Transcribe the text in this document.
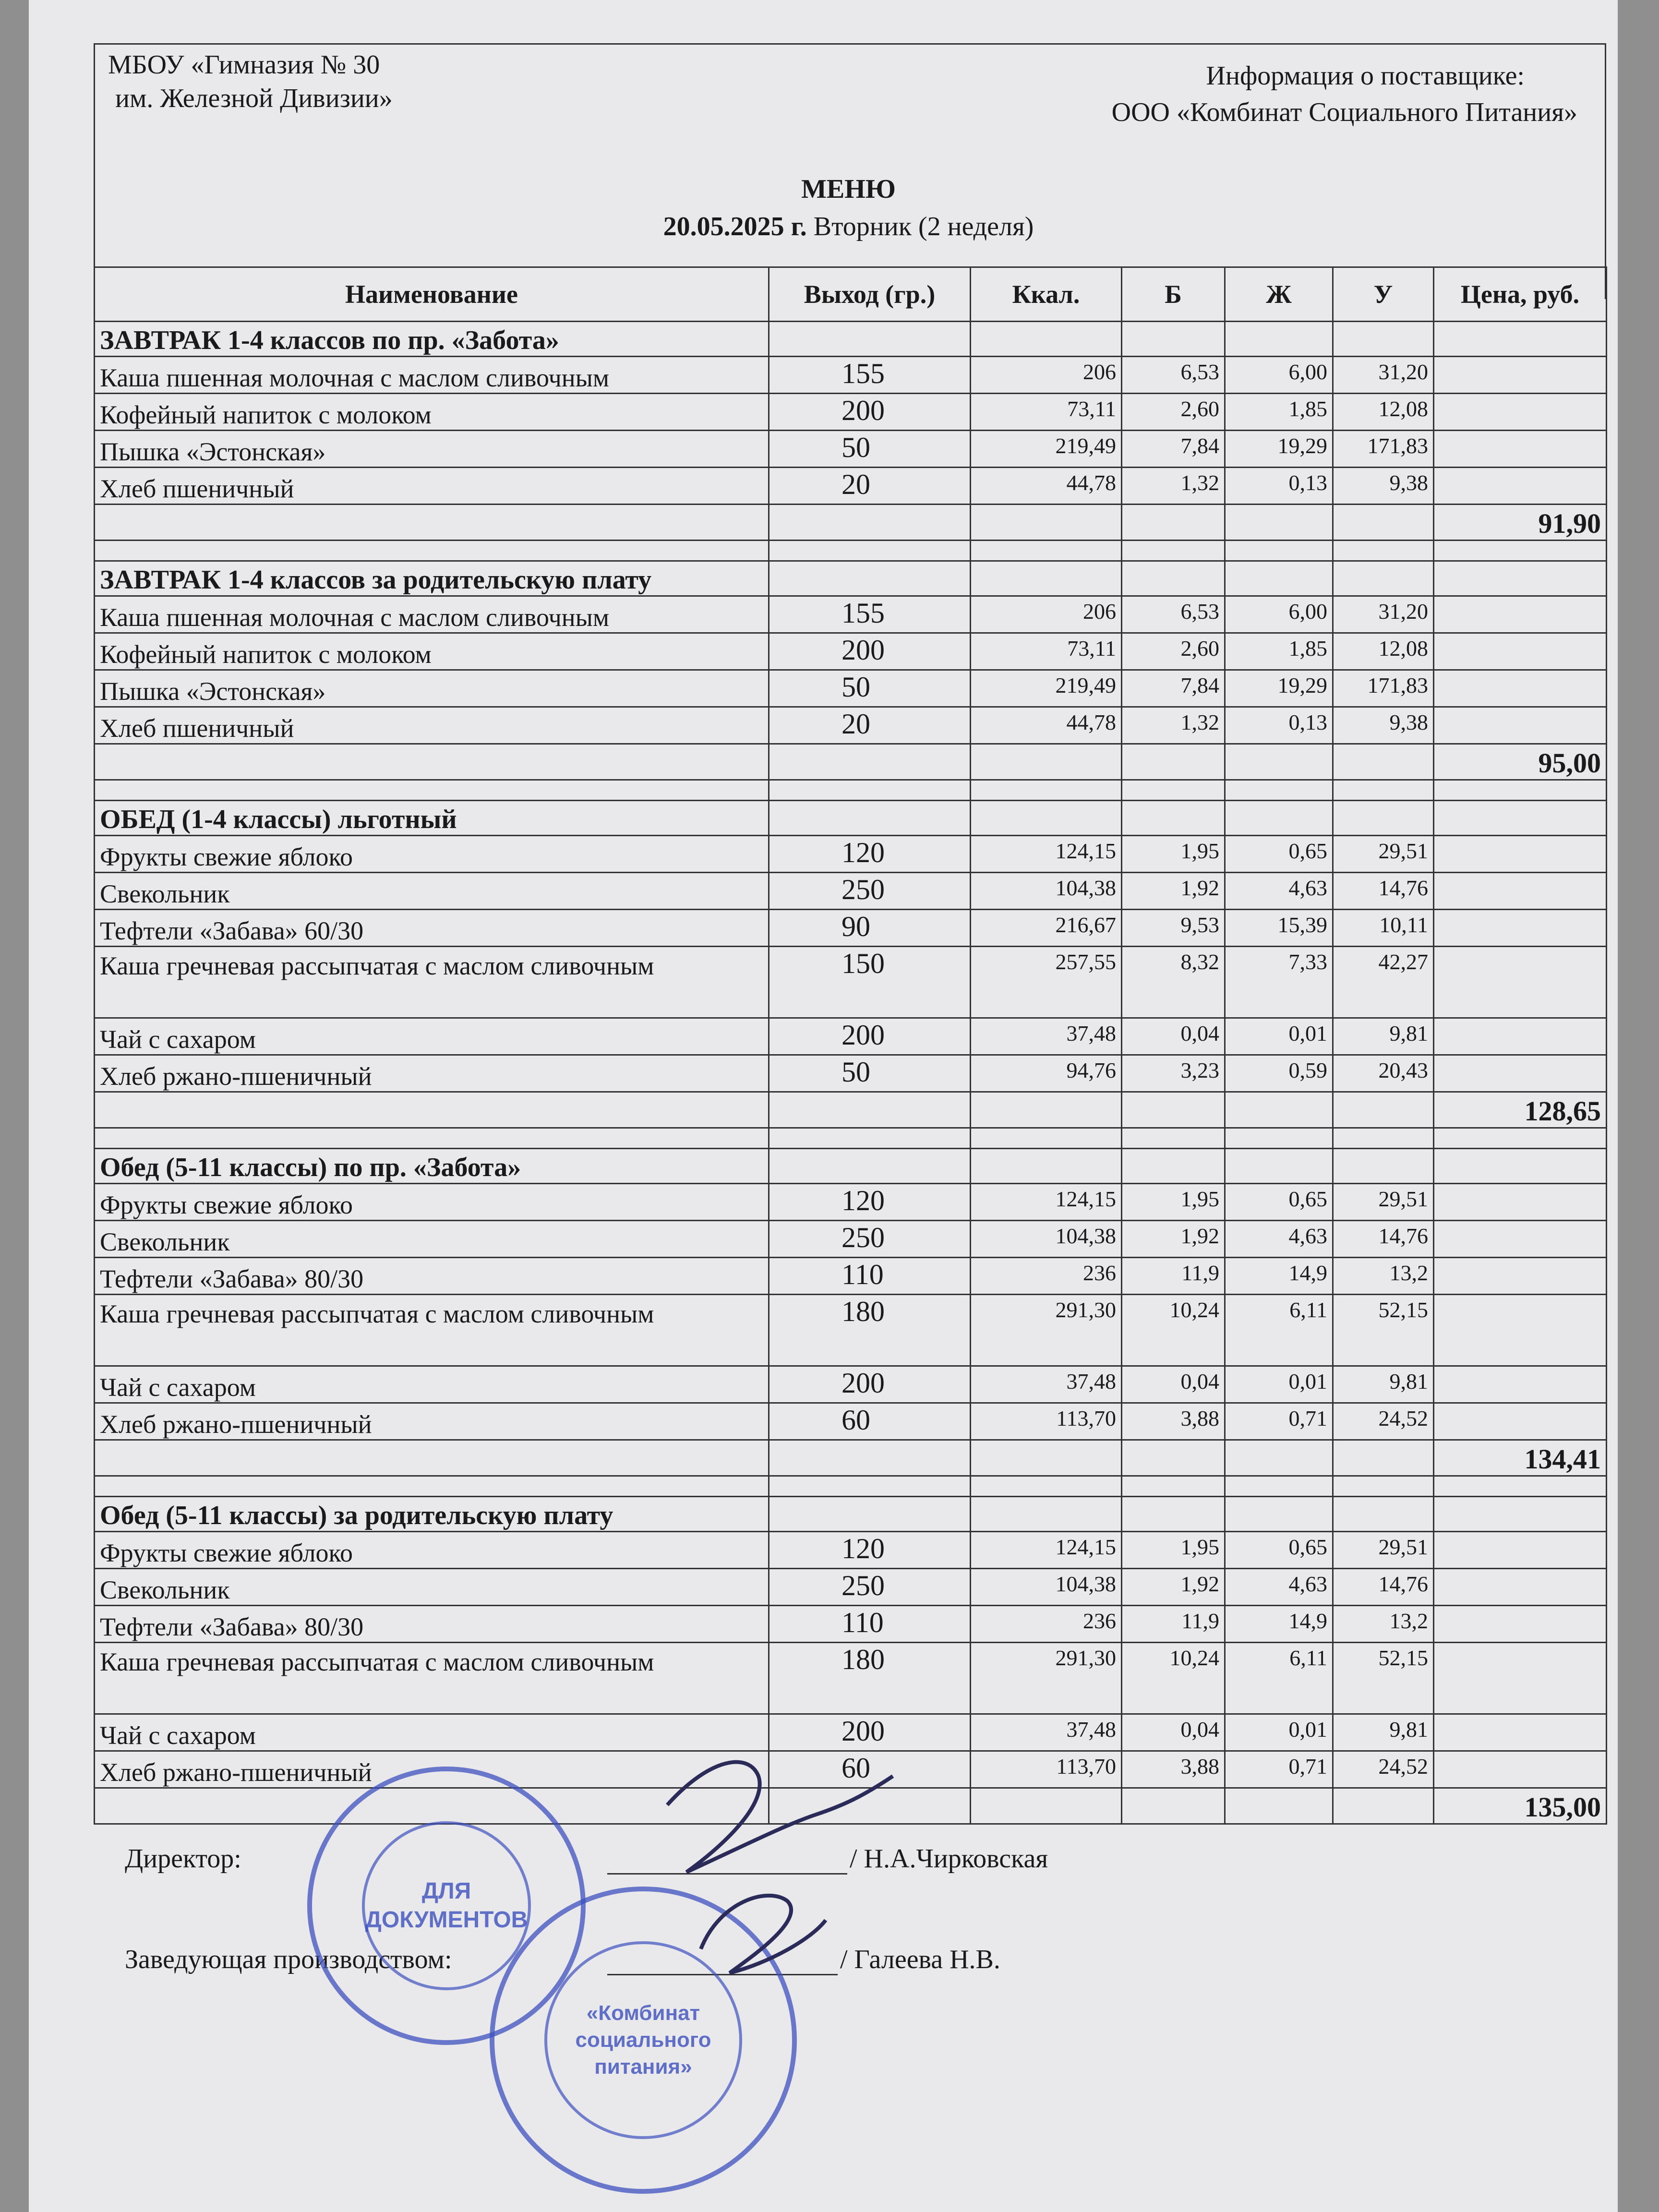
МБОУ «Гимназия № 30
им. Железной Дивизии»
Информация о поставщике:
ООО «Комбинат Социального Питания»
МЕНЮ
20.05.2025 г. Вторник (2 неделя)
Наименование	Выход (гр.)	Ккал.	Б	Ж	У	Цена, руб.
ЗАВТРАК 1-4 классов по пр. «Забота»						
Каша пшенная молочная с маслом сливочным	155	206	6,53	6,00	31,20	
Кофейный напиток с молоком	200	73,11	2,60	1,85	12,08	
Пышка «Эстонская»	50	219,49	7,84	19,29	171,83	
Хлеб пшеничный	20	44,78	1,32	0,13	9,38	
						91,90

ЗАВТРАК 1-4 классов за родительскую плату						
Каша пшенная молочная с маслом сливочным	155	206	6,53	6,00	31,20	
Кофейный напиток с молоком	200	73,11	2,60	1,85	12,08	
Пышка «Эстонская»	50	219,49	7,84	19,29	171,83	
Хлеб пшеничный	20	44,78	1,32	0,13	9,38	
						95,00

ОБЕД (1-4 классы) льготный						
Фрукты свежие яблоко	120	124,15	1,95	0,65	29,51	
Свекольник	250	104,38	1,92	4,63	14,76	
Тефтели «Забава» 60/30	90	216,67	9,53	15,39	10,11	
Каша гречневая рассыпчатая с маслом сливочным	150	257,55	8,32	7,33	42,27	
Чай с сахаром	200	37,48	0,04	0,01	9,81	
Хлеб ржано-пшеничный	50	94,76	3,23	0,59	20,43	
						128,65

Обед (5-11 классы) по пр. «Забота»						
Фрукты свежие яблоко	120	124,15	1,95	0,65	29,51	
Свекольник	250	104,38	1,92	4,63	14,76	
Тефтели «Забава» 80/30	110	236	11,9	14,9	13,2	
Каша гречневая рассыпчатая с маслом сливочным	180	291,30	10,24	6,11	52,15	
Чай с сахаром	200	37,48	0,04	0,01	9,81	
Хлеб ржано-пшеничный	60	113,70	3,88	0,71	24,52	
						134,41

Обед (5-11 классы) за родительскую плату						
Фрукты свежие яблоко	120	124,15	1,95	0,65	29,51	
Свекольник	250	104,38	1,92	4,63	14,76	
Тефтели «Забава» 80/30	110	236	11,9	14,9	13,2	
Каша гречневая рассыпчатая с маслом сливочным	180	291,30	10,24	6,11	52,15	
Чай с сахаром	200	37,48	0,04	0,01	9,81	
Хлеб ржано-пшеничный	60	113,70	3,88	0,71	24,52	
						135,00
Директор:	/ Н.А.Чирковская
Заведующая производством:	/ Галеева Н.В.
ДЛЯ ДОКУМЕНТОВ
«Комбинат социального питания»
